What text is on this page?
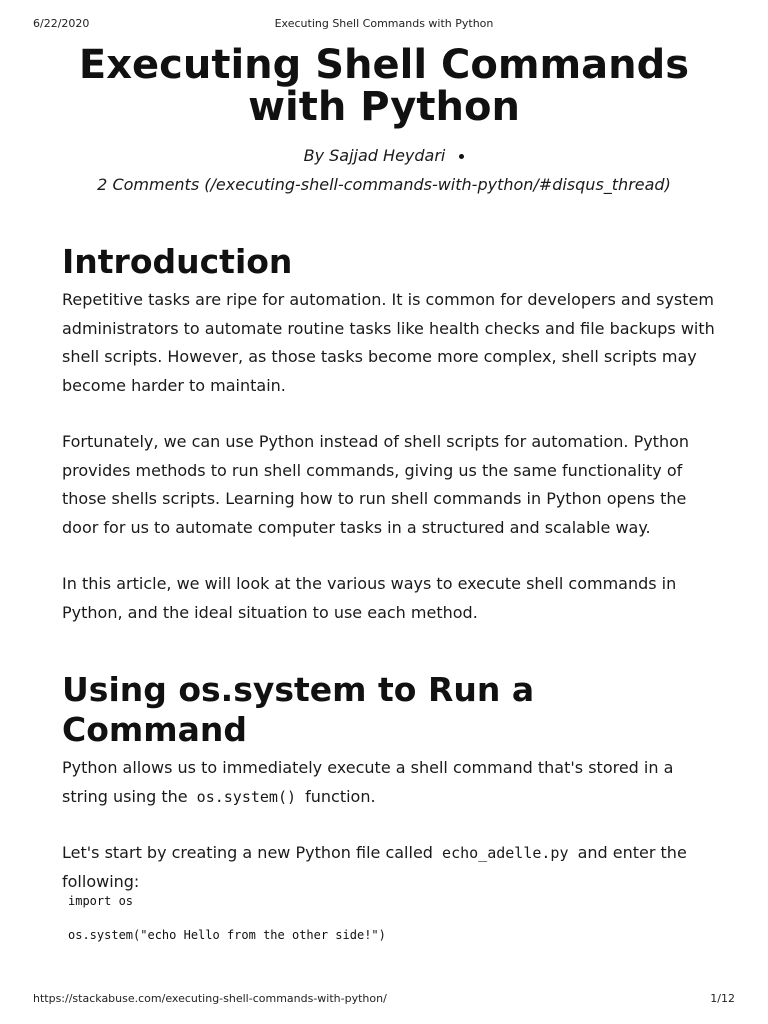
6/22/2020	Executing Shell Commands with Python
Executing Shell Commands
with Python
By Sajjad Heydari
2 Comments (/executing-shell-commands-with-python/#disqus_thread)
Introduction

Repetitive tasks are ripe for automation. It is common for developers and system administrators to automate routine tasks like health checks and file backups with shell scripts. However, as those tasks become more complex, shell scripts may become harder to maintain.

Fortunately, we can use Python instead of shell scripts for automation. Python provides methods to run shell commands, giving us the same functionality of those shells scripts. Learning how to run shell commands in Python opens the door for us to automate computer tasks in a structured and scalable way.

In this article, we will look at the various ways to execute shell commands in Python, and the ideal situation to use each method.

Using os.system to Run a Command

Python allows us to immediately execute a shell command that's stored in a string using the os.system() function.

Let's start by creating a new Python file called echo_adelle.py and enter the following:

import os
os.system("echo Hello from the other side!")
https://stackabuse.com/executing-shell-commands-with-python/	1/12
